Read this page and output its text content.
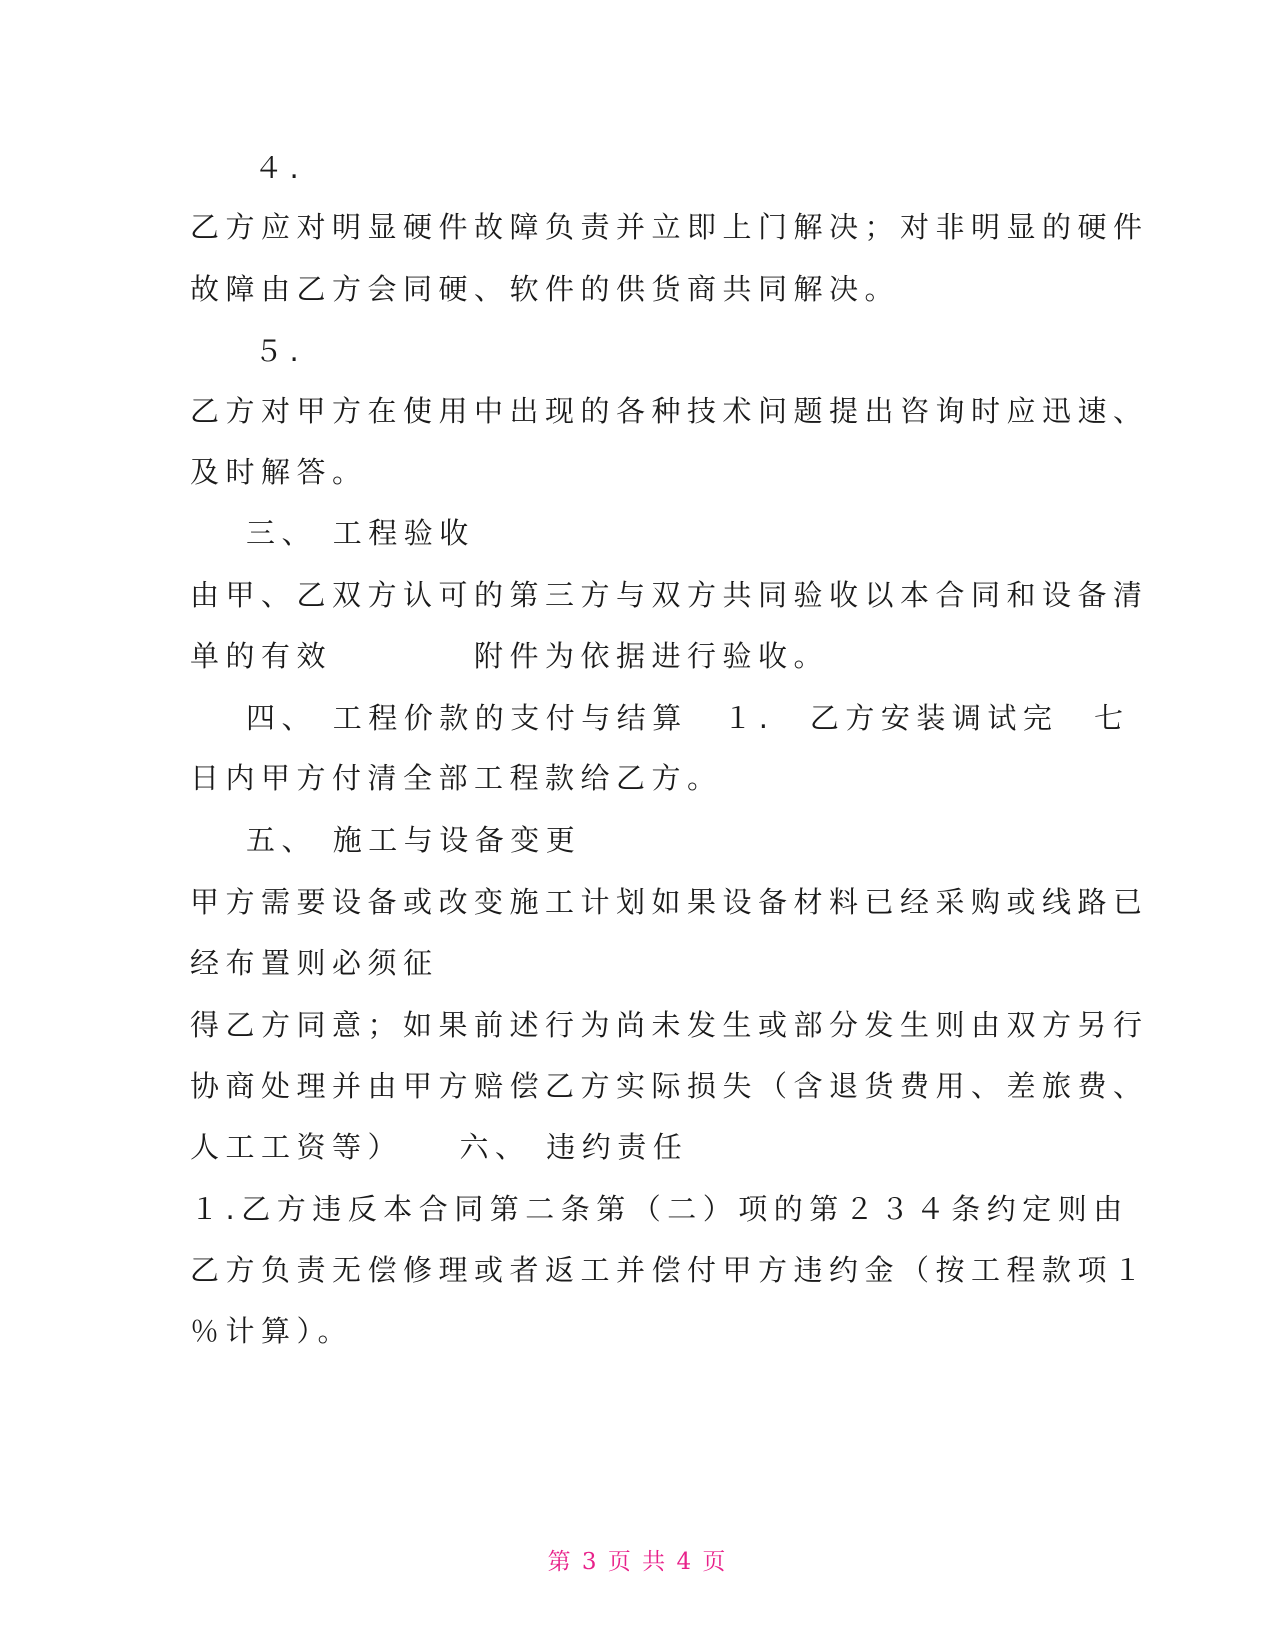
４.
乙方应对明显硬件故障负责并立即上门解决；对非明显的硬件
故障由乙方会同硬、软件的供货商共同解决。
５.
乙方对甲方在使用中出现的各种技术问题提出咨询时应迅速、
及时解答。
三、 工程验收
由甲、乙双方认可的第三方与双方共同验收以本合同和设备清
单的有效　　　　附件为依据进行验收。
四、 工程价款的支付与结算　１.　乙方安装调试完　七
日内甲方付清全部工程款给乙方。
五、 施工与设备变更
甲方需要设备或改变施工计划如果设备材料已经采购或线路已
经布置则必须征
得乙方同意；如果前述行为尚未发生或部分发生则由双方另行
协商处理并由甲方赔偿乙方实际损失（含退货费用、差旅费、
人工工资等）　　六、 违约责任
１.乙方违反本合同第二条第（二）项的第２３４条约定则由
乙方负责无偿修理或者返工并偿付甲方违约金（按工程款项１
％计算）。
第 3 页 共 4 页
